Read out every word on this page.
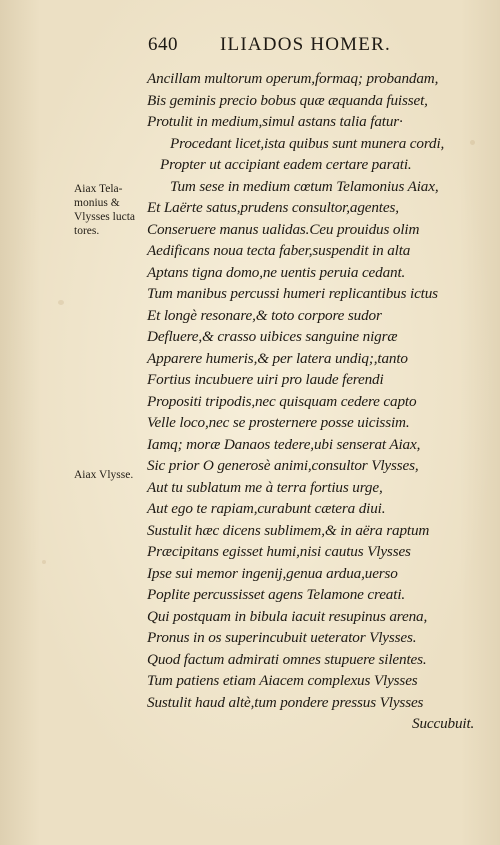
640 ILIADOS HOMER.
Aiax Tela-
monius &
Vlysses lucta
tores.
Aiax Vlysse.
Ancillam multorum operum,formaq; probandam,
Bis geminis precio bobus quæ æquanda fuisset,
Protulit in medium,simul astans talia fatur·
Procedant licet,ista quibus sunt munera cordi,
Propter ut accipiant eadem certare parati.
Tum sese in medium cœtum Telamonius Aiax,
Et Laërte satus,prudens consultor,agentes,
Conseruere manus ualidas.Ceu prouidus olim
Aedificans noua tecta faber,suspendit in alta
Aptans tigna domo,ne uentis peruia cedant.
Tum manibus percussi humeri replicantibus ictus
Et longè resonare,& toto corpore sudor
Defluere,& crasso uibices sanguine nigræ
Apparere humeris,& per latera undiq;,tanto
Fortius incubuere uiri pro laude ferendi
Propositi tripodis,nec quisquam cedere capto
Velle loco,nec se prosternere posse uicissim.
Iamq; moræ Danaos tedere,ubi senserat Aiax,
Sic prior O generosè animi,consultor Vlysses,
Aut tu sublatum me à terra fortius urge,
Aut ego te rapiam,curabunt cætera diui.
Sustulit hæc dicens sublimem,& in aëra raptum
Præcipitans egisset humi,nisi cautus Vlysses
Ipse sui memor ingenij,genua ardua,uerso
Poplite percussisset agens Telamone creati.
Qui postquam in bibula iacuit resupinus arena,
Pronus in os superincubuit ueterator Vlysses.
Quod factum admirati omnes stupuere silentes.
Tum patiens etiam Aiacem complexus Vlysses
Sustulit haud altè,tum pondere pressus Vlysses
Succubuit.
